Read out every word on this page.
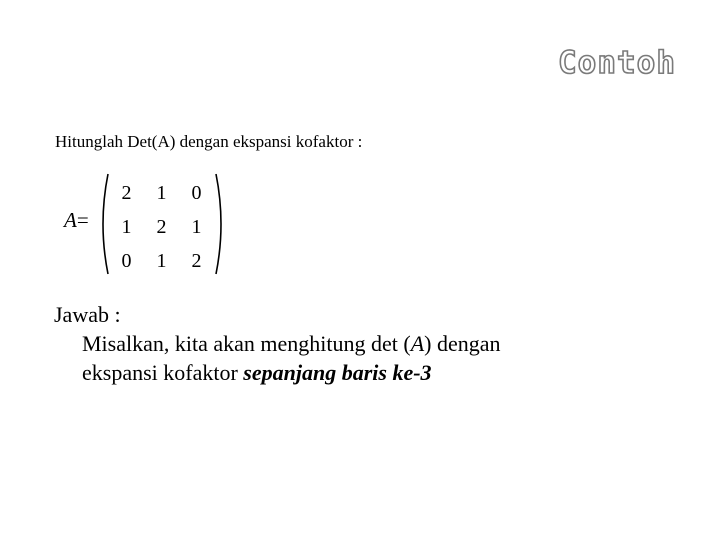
Contoh
Hitunglah Det(A) dengan ekspansi kofaktor :
A=
2	1	0
1	2	1
0	1	2
Jawab :
Misalkan, kita akan menghitung det (A) dengan
ekspansi kofaktor sepanjang baris ke-3
